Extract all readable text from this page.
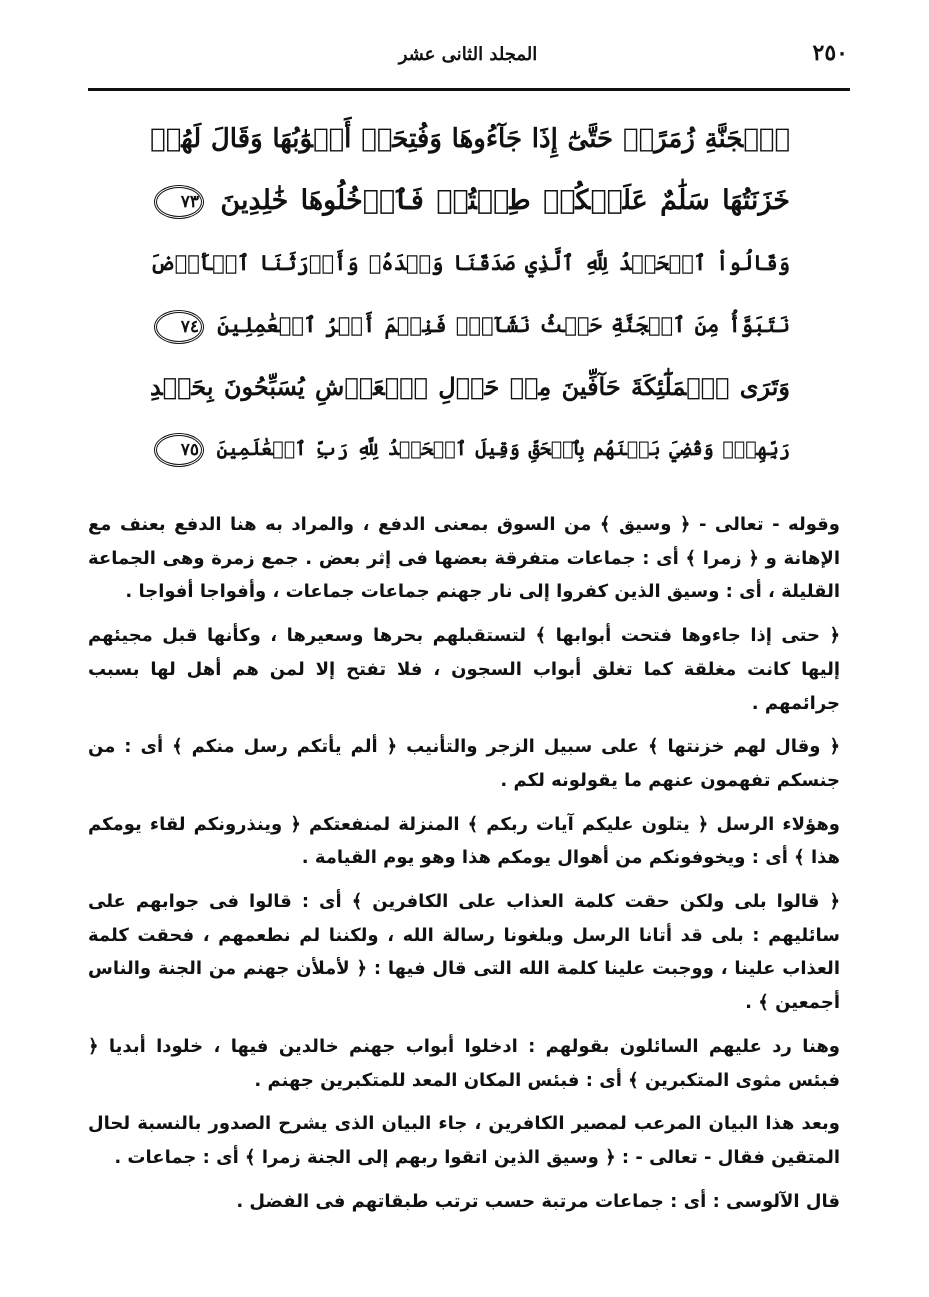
٢٥٠
المجلد الثانى عشر
ٱلۡجَنَّةِ زُمَرًاۖ حَتَّىٰٓ إِذَا جَآءُوهَا وَفُتِحَتۡ أَبۡوَٰبُهَا وَقَالَ لَهُمۡ
خَزَنَتُهَا سَلَٰمٌ عَلَيۡكُمۡ طِبۡتُمۡ فَٱدۡخُلُوهَا خَٰلِدِينَ ٧٣
وَقَالُواْ ٱلۡحَمۡدُ لِلَّهِ ٱلَّذِي صَدَقَنَا وَعۡدَهُۥ وَأَوۡرَثَنَا ٱلۡأَرۡضَ
نَتَبَوَّأُ مِنَ ٱلۡجَنَّةِ حَيۡثُ نَشَآءُۖ فَنِعۡمَ أَجۡرُ ٱلۡعَٰمِلِينَ ٧٤
وَتَرَى ٱلۡمَلَٰٓئِكَةَ حَآفِّينَ مِنۡ حَوۡلِ ٱلۡعَرۡشِ يُسَبِّحُونَ بِحَمۡدِ
رَبِّهِمۡۖ وَقُضِيَ بَيۡنَهُم بِٱلۡحَقِّ وَقِيلَ ٱلۡحَمۡدُ لِلَّهِ رَبِّ ٱلۡعَٰلَمِينَ ٧٥

وقوله - تعالى - ﴿ وسيق ﴾ من السوق بمعنى الدفع ، والمراد به هنا الدفع بعنف مع الإهانة و ﴿ زمرا ﴾ أى : جماعات متفرقة بعضها فى إثر بعض . جمع زمرة وهى الجماعة القليلة ، أى : وسيق الذين كفروا إلى نار جهنم جماعات جماعات ، وأفواجا أفواجا .

﴿ حتى إذا جاءوها فتحت أبوابها ﴾ لتستقبلهم بحرها وسعيرها ، وكأنها قبل مجيئهم إليها كانت مغلقة كما تغلق أبواب السجون ، فلا تفتح إلا لمن هم أهل لها بسبب جرائمهم .

﴿ وقال لهم خزنتها ﴾ على سبيل الزجر والتأنيب ﴿ ألم يأتكم رسل منكم ﴾ أى : من جنسكم تفهمون عنهم ما يقولونه لكم .

وهؤلاء الرسل ﴿ يتلون عليكم آيات ربكم ﴾ المنزلة لمنفعتكم ﴿ وينذرونكم لقاء يومكم هذا ﴾ أى : ويخوفونكم من أهوال يومكم هذا وهو يوم القيامة .

﴿ قالوا بلى ولكن حقت كلمة العذاب على الكافرين ﴾ أى : قالوا فى جوابهم على سائليهم : بلى قد أتانا الرسل وبلغونا رسالة الله ، ولكننا لم نطعمهم ، فحقت كلمة العذاب علينا ، ووجبت علينا كلمة الله التى قال فيها : ﴿ لأملأن جهنم من الجنة والناس أجمعين ﴾ .

وهنا رد عليهم السائلون بقولهم : ادخلوا أبواب جهنم خالدين فيها ، خلودا أبديا ﴿ فبئس مثوى المتكبرين ﴾ أى : فبئس المكان المعد للمتكبرين جهنم .

وبعد هذا البيان المرعب لمصير الكافرين ، جاء البيان الذى يشرح الصدور بالنسبة لحال المتقين فقال - تعالى - : ﴿ وسيق الذين اتقوا ربهم إلى الجنة زمرا ﴾ أى : جماعات .

قال الآلوسى : أى : جماعات مرتبة حسب ترتب طبقاتهم فى الفضل .
